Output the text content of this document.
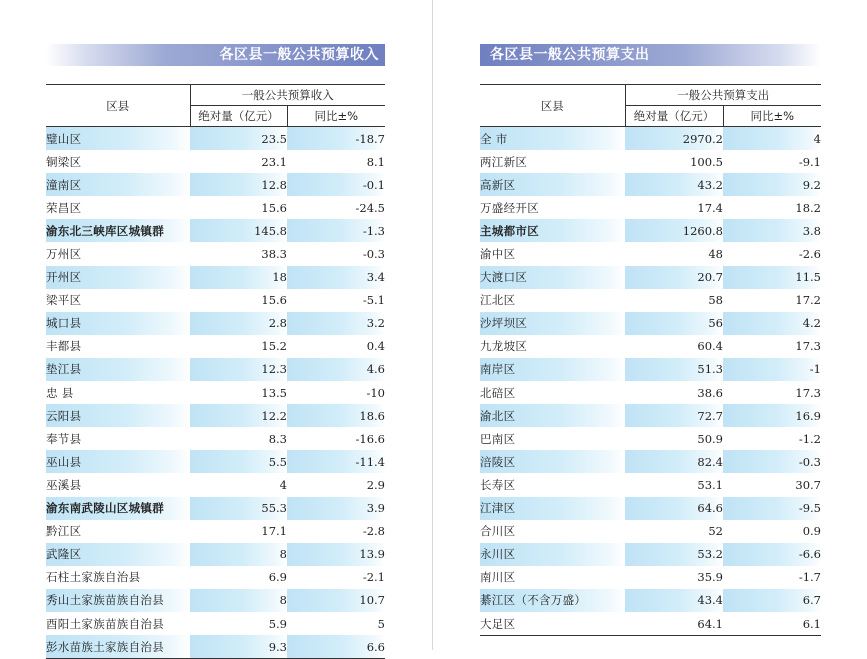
各区县一般公共预算收入
区县	一般公共预算收入	
	绝对量（亿元）	同比±%
璧山区	23.5	-18.7
铜梁区	23.1	8.1
潼南区	12.8	-0.1
荣昌区	15.6	-24.5
渝东北三峡库区城镇群	145.8	-1.3
万州区	38.3	-0.3
开州区	18	3.4
梁平区	15.6	-5.1
城口县	2.8	3.2
丰都县	15.2	0.4
垫江县	12.3	4.6
忠 县	13.5	-10
云阳县	12.2	18.6
奉节县	8.3	-16.6
巫山县	5.5	-11.4
巫溪县	4	2.9
渝东南武陵山区城镇群	55.3	3.9
黔江区	17.1	-2.8
武隆区	8	13.9
石柱土家族自治县	6.9	-2.1
秀山土家族苗族自治县	8	10.7
酉阳土家族苗族自治县	5.9	5
彭水苗族土家族自治县	9.3	6.6
各区县一般公共预算支出
区县	一般公共预算支出	
	绝对量（亿元）	同比±%
全 市	2970.2	4
两江新区	100.5	-9.1
高新区	43.2	9.2
万盛经开区	17.4	18.2
主城都市区	1260.8	3.8
渝中区	48	-2.6
大渡口区	20.7	11.5
江北区	58	17.2
沙坪坝区	56	4.2
九龙坡区	60.4	17.3
南岸区	51.3	-1
北碚区	38.6	17.3
渝北区	72.7	16.9
巴南区	50.9	-1.2
涪陵区	82.4	-0.3
长寿区	53.1	30.7
江津区	64.6	-9.5
合川区	52	0.9
永川区	53.2	-6.6
南川区	35.9	-1.7
綦江区（不含万盛）	43.4	6.7
大足区	64.1	6.1
